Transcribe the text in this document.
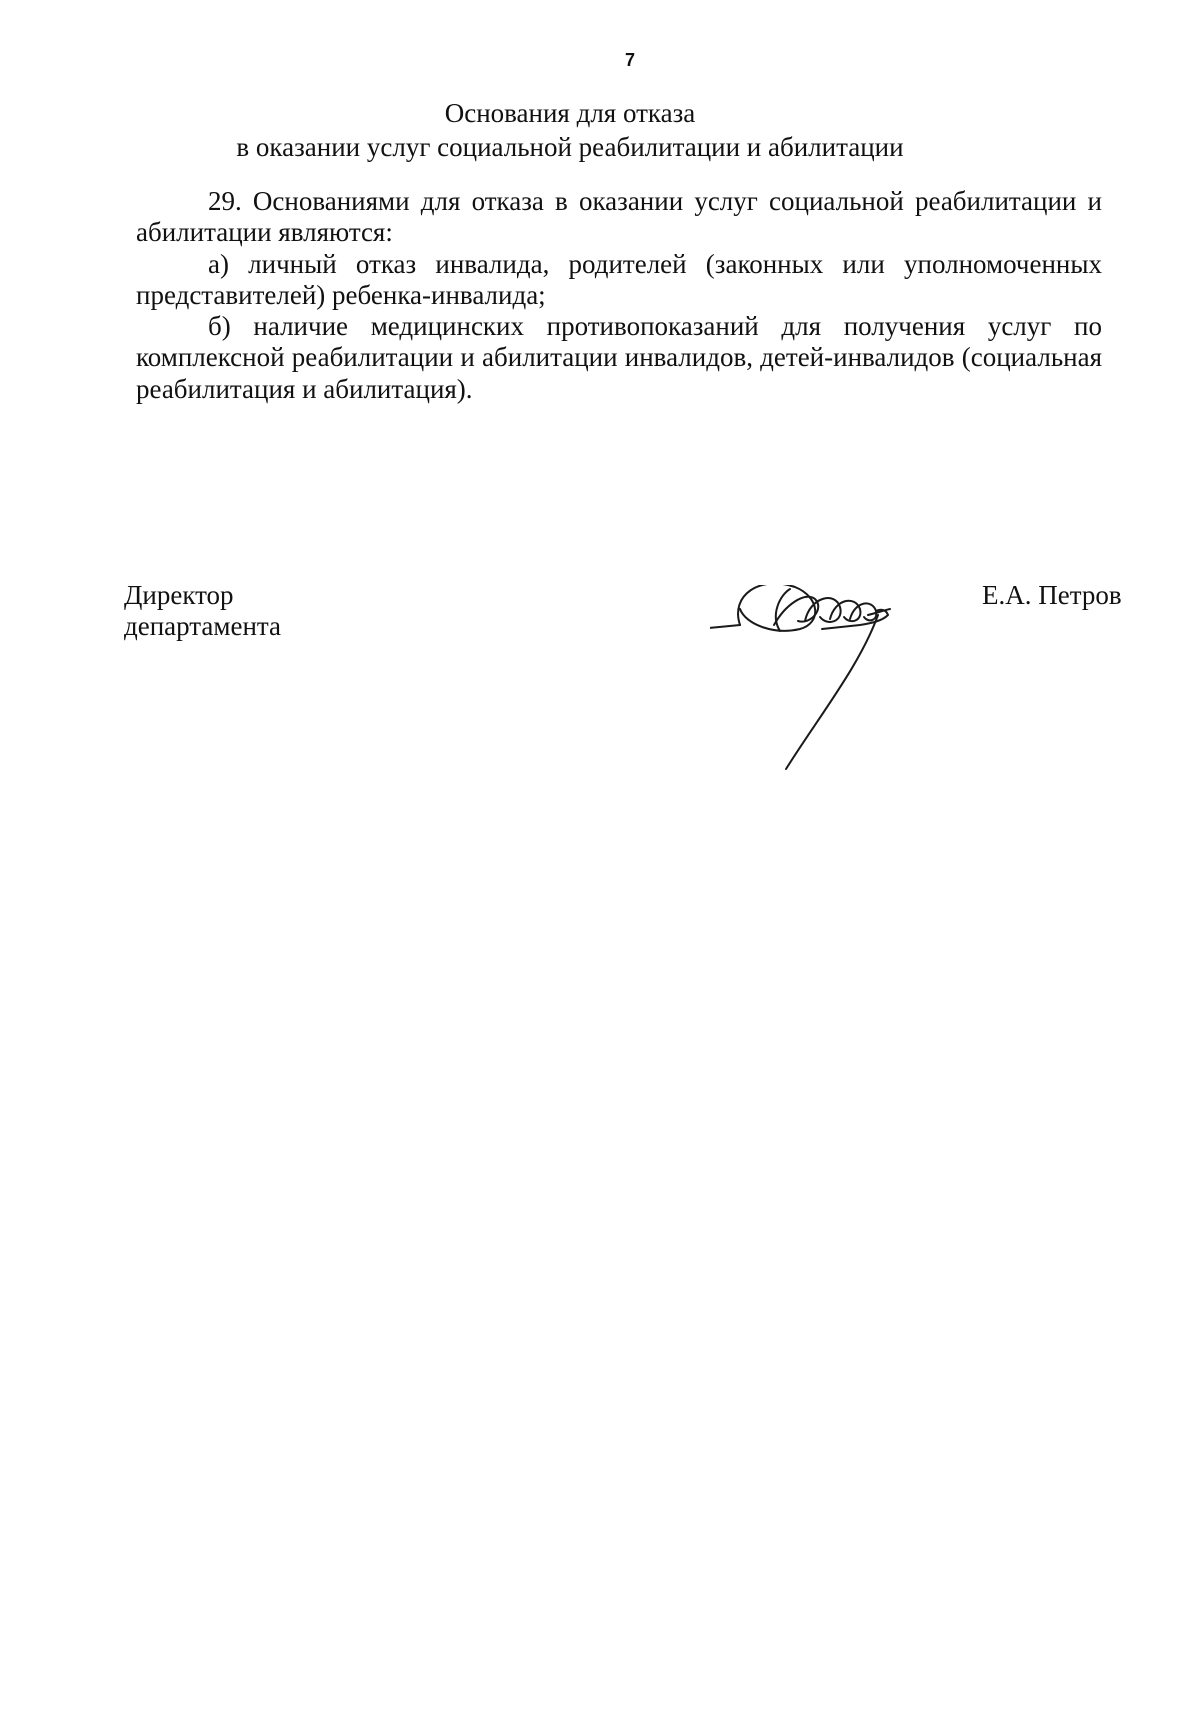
7
Основания для отказа
в оказании услуг социальной реабилитации и абилитации

29. Основаниями для отказа в оказании услуг социальной реабилитации и абилитации являются:

а) личный отказ инвалида, родителей (законных или уполномоченных представителей) ребенка-инвалида;

б) наличие медицинских противопоказаний для получения услуг по комплексной реабилитации и абилитации инвалидов, детей-инвалидов (социальная реабилитация и абилитация).

Директор
департамента
Е.А. Петров
